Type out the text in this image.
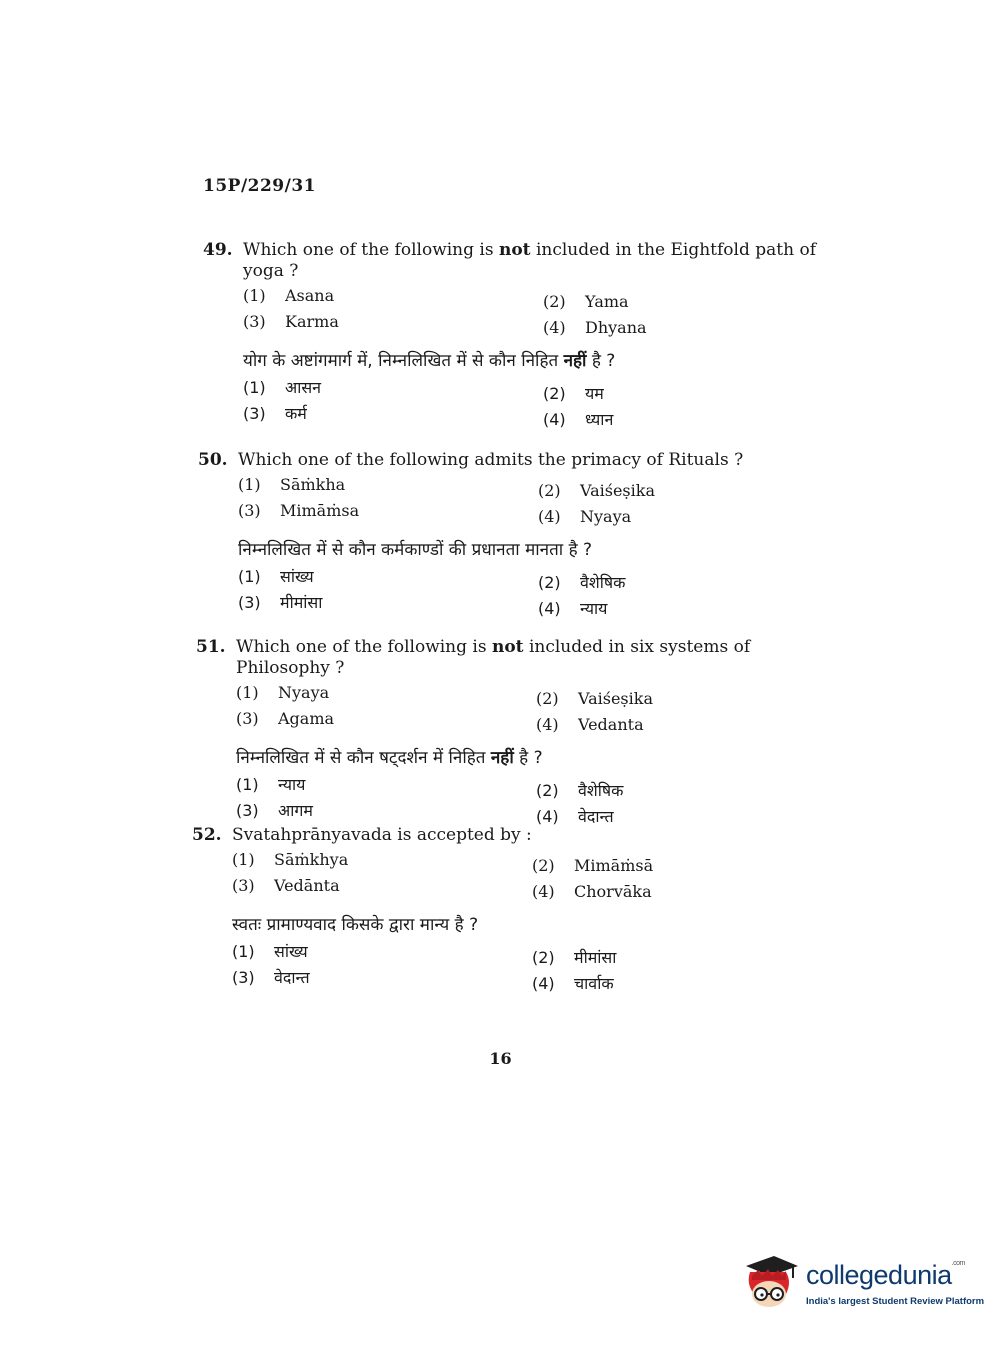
15P/229/31
49. Which one of the following is not included in the Eightfold path of yoga ?
(1) Asana	(2) Yama
(3) Karma	(4) Dhyana
योग के अष्टांगमार्ग में, निम्नलिखित में से कौन निहित नहीं है ?
(1) आसन	(2) यम
(3) कर्म	(4) ध्यान
50. Which one of the following admits the primacy of Rituals ?
(1) Sāṁkha	(2) Vaiśeṣika
(3) Mimāṁsa	(4) Nyaya
निम्नलिखित में से कौन कर्मकाण्डों की प्रधानता मानता है ?
(1) सांख्य	(2) वैशेषिक
(3) मीमांसा	(4) न्याय
51. Which one of the following is not included in six systems of Philosophy ?
(1) Nyaya	(2) Vaiśeṣika
(3) Agama	(4) Vedanta
निम्नलिखित में से कौन षट्दर्शन में निहित नहीं है ?
(1) न्याय	(2) वैशेषिक
(3) आगम	(4) वेदान्त
52. Svatahprānyavada is accepted by :
(1) Sāṁkhya	(2) Mimāṁsā
(3) Vedānta	(4) Chorvāka
स्वतः प्रामाण्यवाद किसके द्वारा मान्य है ?
(1) सांख्य	(2) मीमांसा
(3) वेदान्त	(4) चार्वाक
16
collegedunia$^{.com}$
India's largest Student Review Platform
